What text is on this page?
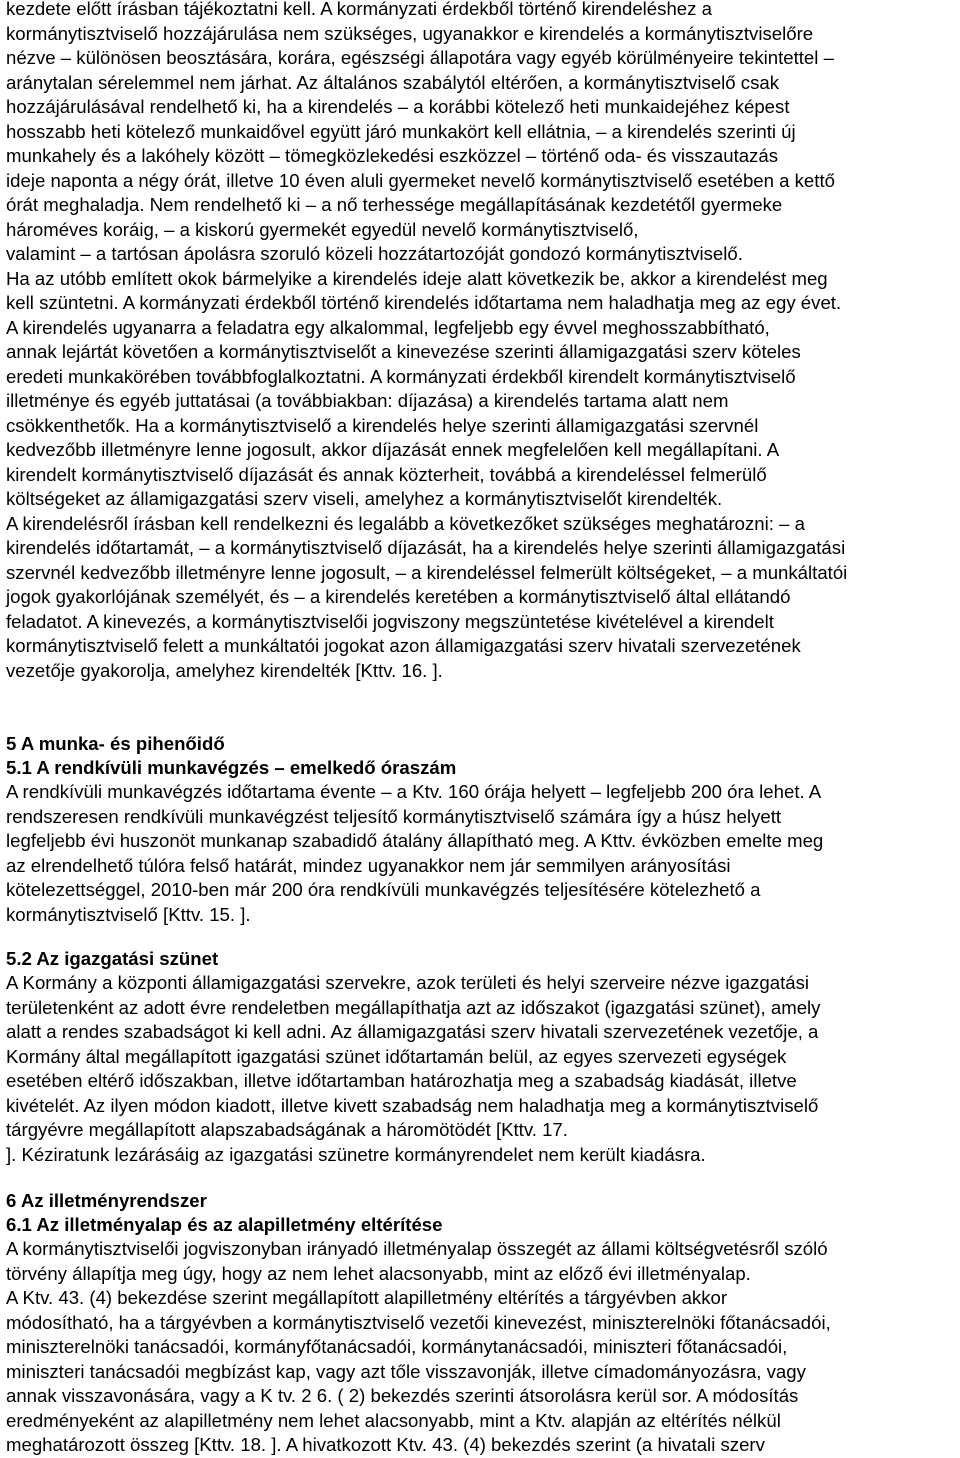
kezdete előtt írásban tájékoztatni kell. A kormányzati érdekből történő kirendeléshez a
kormánytisztviselő hozzájárulása nem szükséges, ugyanakkor e kirendelés a kormánytisztviselőre
nézve – különösen beosztására, korára, egészségi állapotára vagy egyéb körülményeire tekintettel –
aránytalan sérelemmel nem járhat. Az általános szabálytól eltérően, a kormánytisztviselő csak
hozzájárulásával rendelhető ki, ha a kirendelés – a korábbi kötelező heti munkaidejéhez képest
hosszabb heti kötelező munkaidővel együtt járó munkakört kell ellátnia, – a kirendelés szerinti új
munkahely és a lakóhely között – tömegközlekedési eszközzel – történő oda- és visszautazás
ideje naponta a négy órát, illetve 10 éven aluli gyermeket nevelő kormánytisztviselő esetében a kettő
órát meghaladja. Nem rendelhető ki – a nő terhessége megállapításának kezdetétől gyermeke
hároméves koráig, – a kiskorú gyermekét egyedül nevelő kormánytisztviselő,
valamint – a tartósan ápolásra szoruló közeli hozzátartozóját gondozó kormánytisztviselő.
Ha az utóbb említett okok bármelyike a kirendelés ideje alatt következik be, akkor a kirendelést meg
kell szüntetni. A kormányzati érdekből történő kirendelés időtartama nem haladhatja meg az egy évet.
A kirendelés ugyanarra a feladatra egy alkalommal, legfeljebb egy évvel meghosszabbítható,
annak lejártát követően a kormánytisztviselőt a kinevezése szerinti államigazgatási szerv köteles
eredeti munkakörében továbbfoglalkoztatni. A kormányzati érdekből kirendelt kormánytisztviselő
illetménye és egyéb juttatásai (a továbbiakban: díjazása) a kirendelés tartama alatt nem
csökkenthetők. Ha a kormánytisztviselő a kirendelés helye szerinti államigazgatási szervnél
kedvezőbb illetményre lenne jogosult, akkor díjazását ennek megfelelően kell megállapítani. A
kirendelt kormánytisztviselő díjazását és annak közterheit, továbbá a kirendeléssel felmerülő
költségeket az államigazgatási szerv viseli, amelyhez a kormánytisztviselőt kirendelték.
A kirendelésről írásban kell rendelkezni és legalább a következőket szükséges meghatározni: – a
kirendelés időtartamát, – a kormánytisztviselő díjazását, ha a kirendelés helye szerinti államigazgatási
szervnél kedvezőbb illetményre lenne jogosult, – a kirendeléssel felmerült költségeket, – a munkáltatói
jogok gyakorlójának személyét, és – a kirendelés keretében a kormánytisztviselő által ellátandó
feladatot. A kinevezés, a kormánytisztviselői jogviszony megszüntetése kivételével a kirendelt
kormánytisztviselő felett a munkáltatói jogokat azon államigazgatási szerv hivatali szervezetének
vezetője gyakorolja, amelyhez kirendelték [Kttv. 16. ].

5 A munka- és pihenőidő

5.1 A rendkívüli munkavégzés – emelkedő óraszám

A rendkívüli munkavégzés időtartama évente – a Ktv. 160 órája helyett – legfeljebb 200 óra lehet. A
rendszeresen rendkívüli munkavégzést teljesítő kormánytisztviselő számára így a húsz helyett
legfeljebb évi huszonöt munkanap szabadidő átalány állapítható meg. A Kttv. évközben emelte meg
az elrendelhető túlóra felső határát, mindez ugyanakkor nem jár semmilyen arányosítási
kötelezettséggel, 2010-ben már 200 óra rendkívüli munkavégzés teljesítésére kötelezhető a
kormánytisztviselő [Kttv. 15. ].

5.2 Az igazgatási szünet

A Kormány a központi államigazgatási szervekre, azok területi és helyi szerveire nézve igazgatási
területenként az adott évre rendeletben megállapíthatja azt az időszakot (igazgatási szünet), amely
alatt a rendes szabadságot ki kell adni. Az államigazgatási szerv hivatali szervezetének vezetője, a
Kormány által megállapított igazgatási szünet időtartamán belül, az egyes szervezeti egységek
esetében eltérő időszakban, illetve időtartamban határozhatja meg a szabadság kiadását, illetve
kivételét. Az ilyen módon kiadott, illetve kivett szabadság nem haladhatja meg a kormánytisztviselő
tárgyévre megállapított alapszabadságának a háromötödét [Kttv. 17.
]. Kéziratunk lezárásáig az igazgatási szünetre kormányrendelet nem került kiadásra.

6 Az illetményrendszer

6.1 Az illetményalap és az alapilletmény eltérítése

A kormánytisztviselői jogviszonyban irányadó illetményalap összegét az állami költségvetésről szóló
törvény állapítja meg úgy, hogy az nem lehet alacsonyabb, mint az előző évi illetményalap.
A Ktv. 43. (4) bekezdése szerint megállapított alapilletmény eltérítés a tárgyévben akkor
módosítható, ha a tárgyévben a kormánytisztviselő vezetői kinevezést, miniszterelnöki főtanácsadói,
miniszterelnöki tanácsadói, kormányfőtanácsadói, kormánytanácsadói, miniszteri főtanácsadói,
miniszteri tanácsadói megbízást kap, vagy azt tőle visszavonják, illetve címadományozásra, vagy
annak visszavonására, vagy a K tv. 2 6. ( 2) bekezdés szerinti átsorolásra kerül sor. A módosítás
eredményeként az alapilletmény nem lehet alacsonyabb, mint a Ktv. alapján az eltérítés nélkül
meghatározott összeg [Kttv. 18. ]. A hivatkozott Ktv. 43. (4) bekezdés szerint (a hivatali szerv
